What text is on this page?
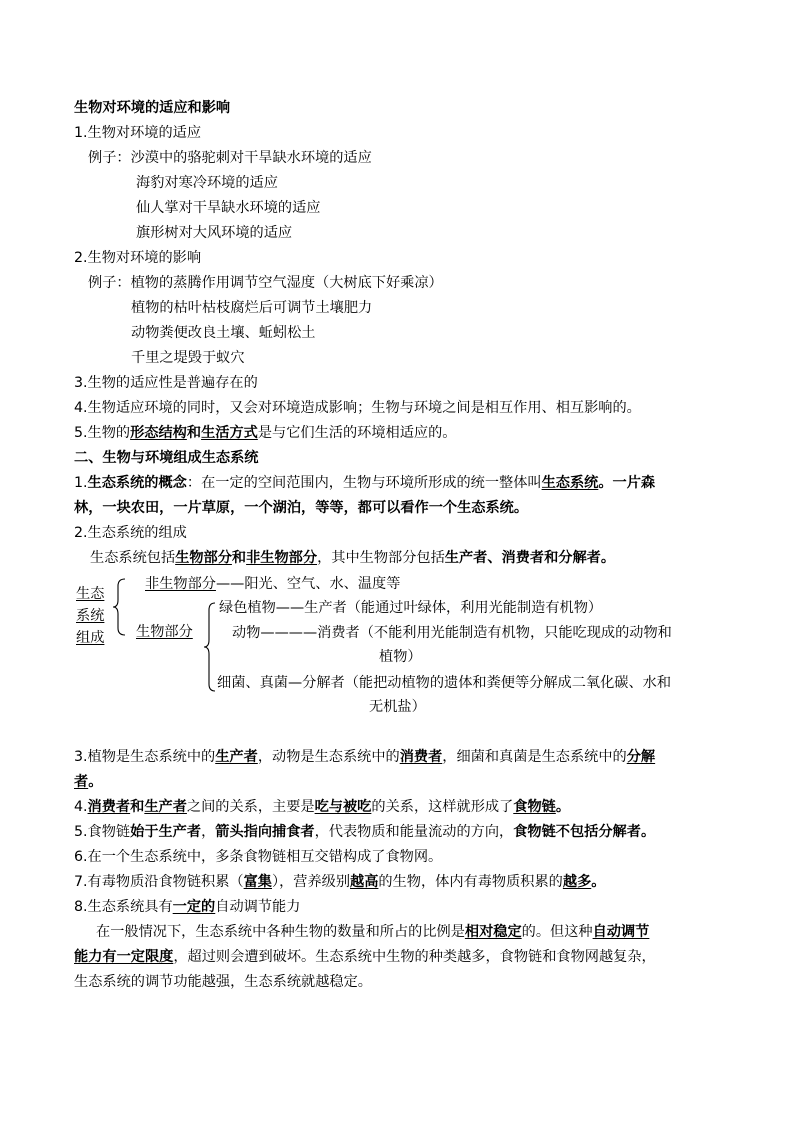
生物对环境的适应和影响
1.生物对环境的适应
例子：沙漠中的骆驼刺对干旱缺水环境的适应
海豹对寒冷环境的适应
仙人掌对干旱缺水环境的适应
旗形树对大风环境的适应
2.生物对环境的影响
例子：植物的蒸腾作用调节空气湿度（大树底下好乘凉）
植物的枯叶枯枝腐烂后可调节土壤肥力
动物粪便改良土壤、蚯蚓松土
千里之堤毁于蚁穴
3.生物的适应性是普遍存在的
4.生物适应环境的同时，又会对环境造成影响；生物与环境之间是相互作用、相互影响的。
5.生物的形态结构和生活方式是与它们生活的环境相适应的。
二、生物与环境组成生态系统
1.生态系统的概念：在一定的空间范围内，生物与环境所形成的统一整体叫生态系统。一片森
林，一块农田，一片草原，一个湖泊，等等，都可以看作一个生态系统。
2.生态系统的组成
生态系统包括生物部分和非生物部分，其中生物部分包括生产者、消费者和分解者。
生态
系统
组成
非生物部分——阳光、空气、水、温度等
生物部分
绿色植物——生产者（能通过叶绿体，利用光能制造有机物）
动物————消费者（不能利用光能制造有机物，只能吃现成的动物和
植物）
细菌、真菌—分解者（能把动植物的遗体和粪便等分解成二氧化碳、水和
无机盐）
3.植物是生态系统中的生产者，动物是生态系统中的消费者，细菌和真菌是生态系统中的分解
者。
4.消费者和生产者之间的关系，主要是吃与被吃的关系，这样就形成了食物链。
5.食物链始于生产者，箭头指向捕食者，代表物质和能量流动的方向，食物链不包括分解者。
6.在一个生态系统中，多条食物链相互交错构成了食物网。
7.有毒物质沿食物链积累（富集），营养级别越高的生物，体内有毒物质积累的越多。
8.生态系统具有一定的自动调节能力
在一般情况下，生态系统中各种生物的数量和所占的比例是相对稳定的。但这种自动调节
能力有一定限度，超过则会遭到破坏。生态系统中生物的种类越多，食物链和食物网越复杂，
生态系统的调节功能越强，生态系统就越稳定。
